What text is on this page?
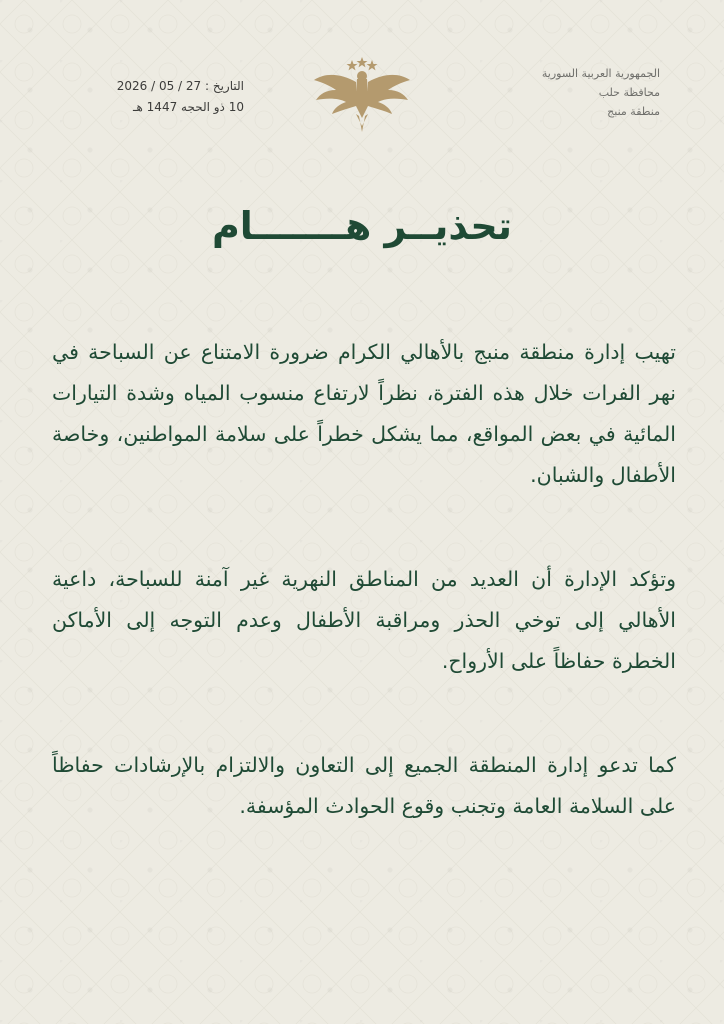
الجمهورية العربية السورية
محافظة حلب
منطقة منبج
التاريخ : 27 / 05 / 2026
10 ذو الحجه 1447 هـ
تحذيــر هـــــــام
تهيب إدارة منطقة منبج بالأهالي الكرام ضرورة الامتناع عن السباحة في نهر الفرات خلال هذه الفترة، نظراً لارتفاع منسوب المياه وشدة التيارات المائية في بعض المواقع، مما يشكل خطراً على سلامة المواطنين، وخاصة الأطفال والشبان.
وتؤكد الإدارة أن العديد من المناطق النهرية غير آمنة للسباحة، داعية الأهالي إلى توخي الحذر ومراقبة الأطفال وعدم التوجه إلى الأماكن الخطرة حفاظاً على الأرواح.
كما تدعو إدارة المنطقة الجميع إلى التعاون والالتزام بالإرشادات حفاظاً على السلامة العامة وتجنب وقوع الحوادث المؤسفة.
